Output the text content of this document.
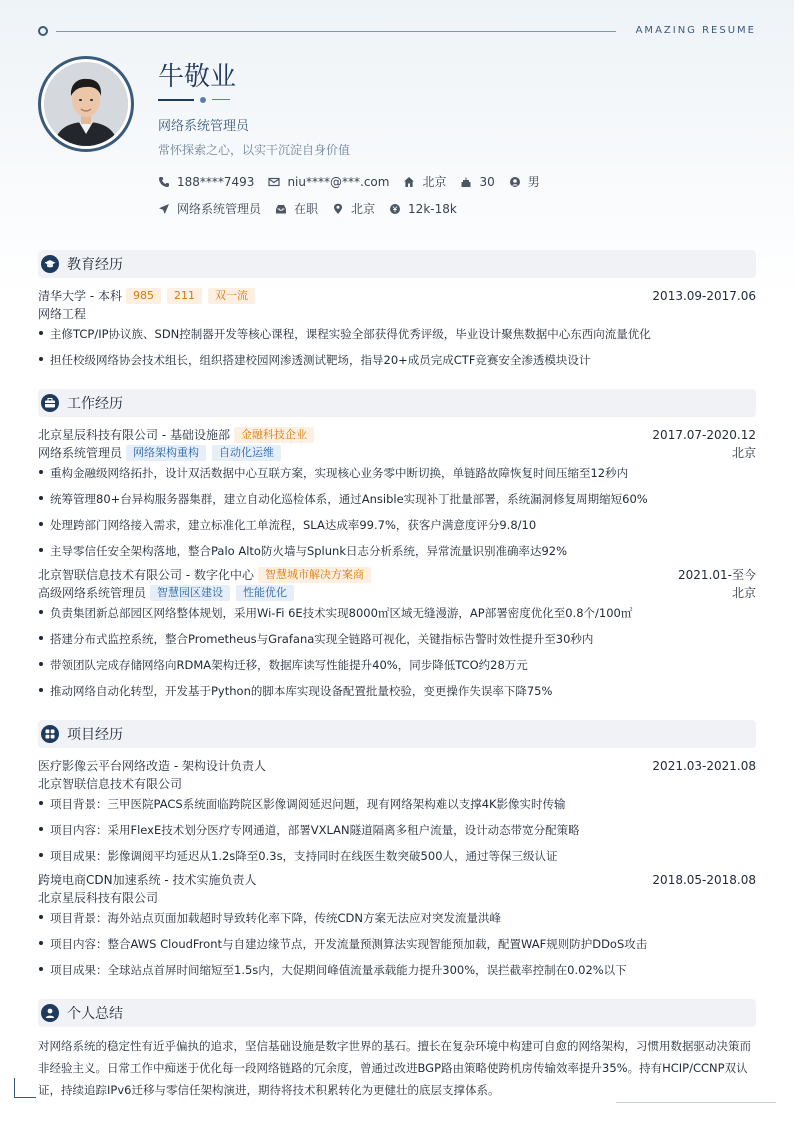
AMAZING RESUME
牛敬业
网络系统管理员
常怀探索之心，以实干沉淀自身价值
188****7493	niu****@***.com	北京	30	男
网络系统管理员	在职	北京	12k-18k
教育经历
清华大学 - 本科	985	211	双一流	2013.09-2017.06
网络工程
主修TCP/IP协议族、SDN控制器开发等核心课程，课程实验全部获得优秀评级，毕业设计聚焦数据中心东西向流量优化
担任校级网络协会技术组长，组织搭建校园网渗透测试靶场，指导20+成员完成CTF竞赛安全渗透模块设计
工作经历
北京星辰科技有限公司 - 基础设施部	金融科技企业	2017.07-2020.12
网络系统管理员	网络架构重构	自动化运维	北京
重构金融级网络拓扑，设计双活数据中心互联方案，实现核心业务零中断切换，单链路故障恢复时间压缩至12秒内
统筹管理80+台异构服务器集群，建立自动化巡检体系，通过Ansible实现补丁批量部署，系统漏洞修复周期缩短60%
处理跨部门网络接入需求，建立标准化工单流程，SLA达成率99.7%，获客户满意度评分9.8/10
主导零信任安全架构落地，整合Palo Alto防火墙与Splunk日志分析系统，异常流量识别准确率达92%
北京智联信息技术有限公司 - 数字化中心	智慧城市解决方案商	2021.01-至今
高级网络系统管理员	智慧园区建设	性能优化	北京
负责集团新总部园区网络整体规划，采用Wi-Fi 6E技术实现8000㎡区域无缝漫游，AP部署密度优化至0.8个/100㎡
搭建分布式监控系统，整合Prometheus与Grafana实现全链路可视化，关键指标告警时效性提升至30秒内
带领团队完成存储网络向RDMA架构迁移，数据库读写性能提升40%，同步降低TCO约28万元
推动网络自动化转型，开发基于Python的脚本库实现设备配置批量校验，变更操作失误率下降75%
项目经历
医疗影像云平台网络改造 - 架构设计负责人	2021.03-2021.08
北京智联信息技术有限公司
项目背景：三甲医院PACS系统面临跨院区影像调阅延迟问题，现有网络架构难以支撑4K影像实时传输
项目内容：采用FlexE技术划分医疗专网通道，部署VXLAN隧道隔离多租户流量，设计动态带宽分配策略
项目成果：影像调阅平均延迟从1.2s降至0.3s，支持同时在线医生数突破500人，通过等保三级认证
跨境电商CDN加速系统 - 技术实施负责人	2018.05-2018.08
北京星辰科技有限公司
项目背景：海外站点页面加载超时导致转化率下降，传统CDN方案无法应对突发流量洪峰
项目内容：整合AWS CloudFront与自建边缘节点，开发流量预测算法实现智能预加载，配置WAF规则防护DDoS攻击
项目成果：全球站点首屏时间缩短至1.5s内，大促期间峰值流量承载能力提升300%，误拦截率控制在0.02%以下
个人总结
对网络系统的稳定性有近乎偏执的追求，坚信基础设施是数字世界的基石。擅长在复杂环境中构建可自愈的网络架构，习惯用数据驱动决策而非经验主义。日常工作中痴迷于优化每一段网络链路的冗余度，曾通过改进BGP路由策略使跨机房传输效率提升35%。持有HCIP/CCNP双认证，持续追踪IPv6迁移与零信任架构演进，期待将技术积累转化为更健壮的底层支撑体系。
